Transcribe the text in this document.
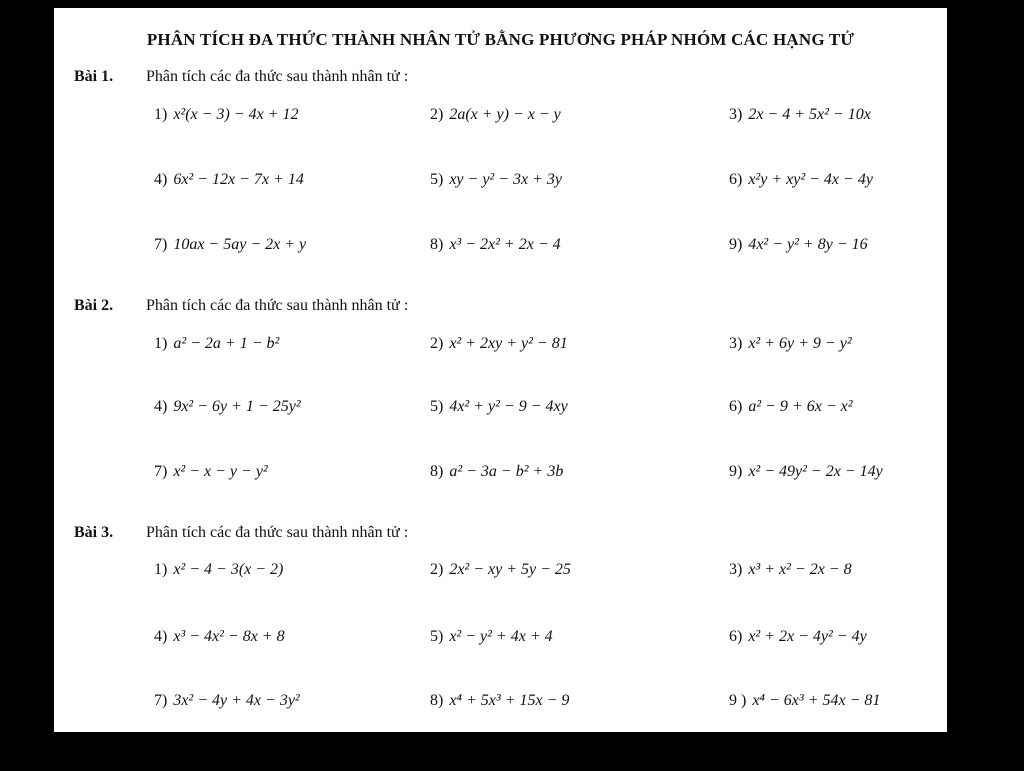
PHÂN TÍCH ĐA THỨC THÀNH NHÂN TỬ BẰNG PHƯƠNG PHÁP NHÓM CÁC HẠNG TỬ
Bài 1. Phân tích các đa thức sau thành nhân tử :
1) x²(x − 3) − 4x + 12	2) 2a(x + y) − x − y	3) 2x − 4 + 5x² − 10x
4) 6x² − 12x − 7x + 14	5) xy − y² − 3x + 3y	6) x²y + xy² − 4x − 4y
7) 10ax − 5ay − 2x + y	8) x³ − 2x² + 2x − 4	9) 4x² − y² + 8y − 16
Bài 2. Phân tích các đa thức sau thành nhân tử :
1) a² − 2a + 1 − b²	2) x² + 2xy + y² − 81	3) x² + 6y + 9 − y²
4) 9x² − 6y + 1 − 25y²	5) 4x² + y² − 9 − 4xy	6) a² − 9 + 6x − x²
7) x² − x − y − y²	8) a² − 3a − b² + 3b	9) x² − 49y² − 2x − 14y
Bài 3. Phân tích các đa thức sau thành nhân tử :
1) x² − 4 − 3(x − 2)	2) 2x² − xy + 5y − 25	3) x³ + x² − 2x − 8
4) x³ − 4x² − 8x + 8	5) x² − y² + 4x + 4	6) x² + 2x − 4y² − 4y
7) 3x² − 4y + 4x − 3y²	8) x⁴ + 5x³ + 15x − 9	9 ) x⁴ − 6x³ + 54x − 81
